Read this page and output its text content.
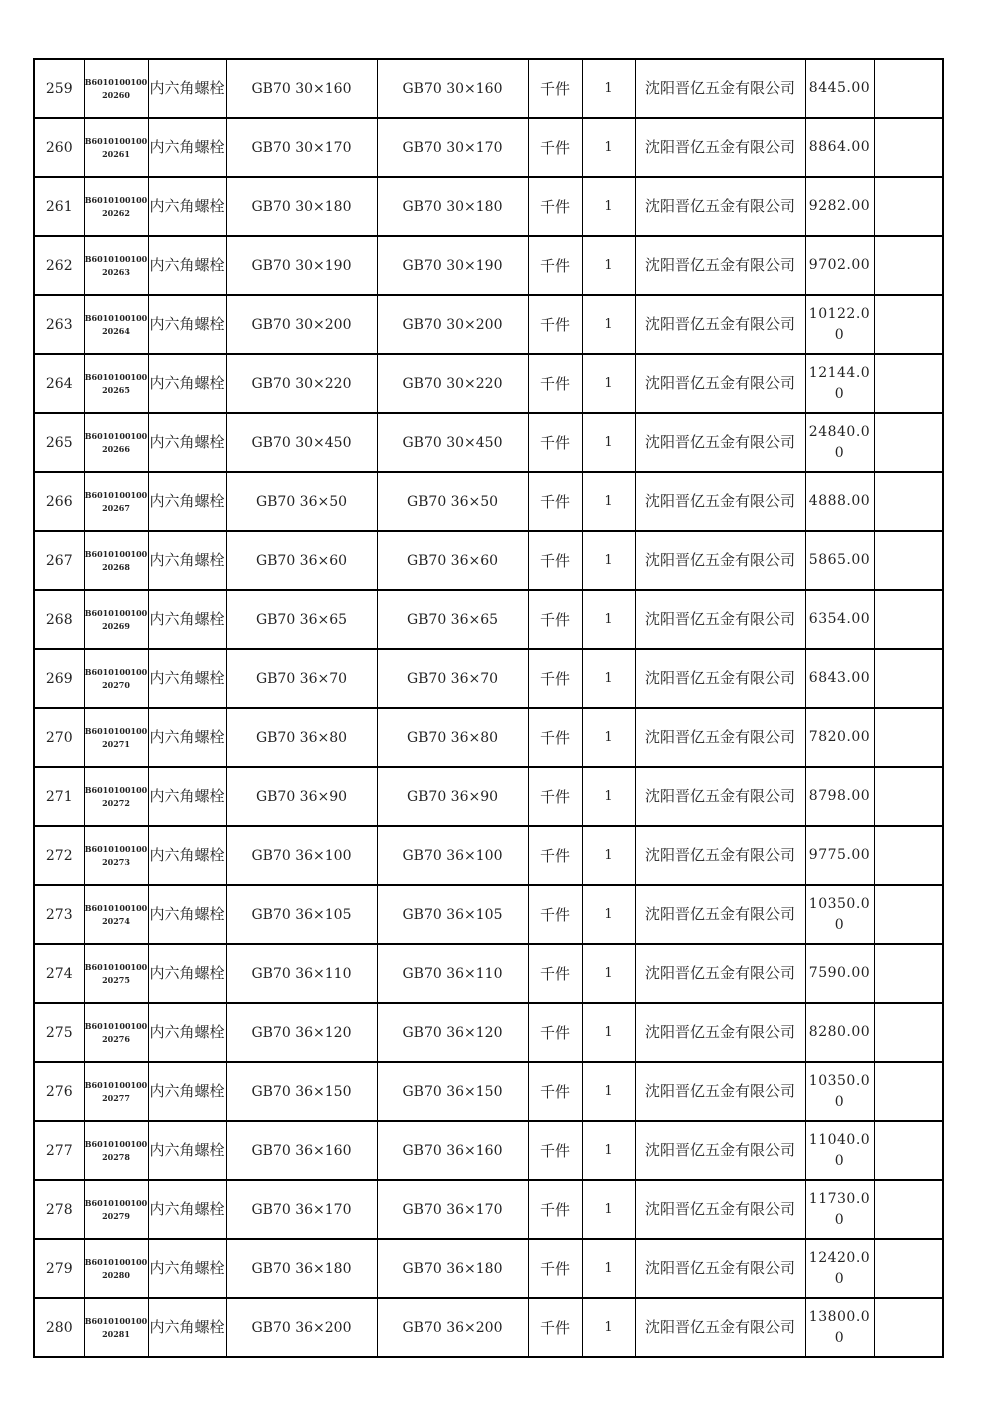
259	B601010010020260	内六角螺栓	GB70 30×160	GB70 30×160	千件	1	沈阳晋亿五金有限公司	8445.00	
260	B601010010020261	内六角螺栓	GB70 30×170	GB70 30×170	千件	1	沈阳晋亿五金有限公司	8864.00	
261	B601010010020262	内六角螺栓	GB70 30×180	GB70 30×180	千件	1	沈阳晋亿五金有限公司	9282.00	
262	B601010010020263	内六角螺栓	GB70 30×190	GB70 30×190	千件	1	沈阳晋亿五金有限公司	9702.00	
263	B601010010020264	内六角螺栓	GB70 30×200	GB70 30×200	千件	1	沈阳晋亿五金有限公司	10122.00	
264	B601010010020265	内六角螺栓	GB70 30×220	GB70 30×220	千件	1	沈阳晋亿五金有限公司	12144.00	
265	B601010010020266	内六角螺栓	GB70 30×450	GB70 30×450	千件	1	沈阳晋亿五金有限公司	24840.00	
266	B601010010020267	内六角螺栓	GB70 36×50	GB70 36×50	千件	1	沈阳晋亿五金有限公司	4888.00	
267	B601010010020268	内六角螺栓	GB70 36×60	GB70 36×60	千件	1	沈阳晋亿五金有限公司	5865.00	
268	B601010010020269	内六角螺栓	GB70 36×65	GB70 36×65	千件	1	沈阳晋亿五金有限公司	6354.00	
269	B601010010020270	内六角螺栓	GB70 36×70	GB70 36×70	千件	1	沈阳晋亿五金有限公司	6843.00	
270	B601010010020271	内六角螺栓	GB70 36×80	GB70 36×80	千件	1	沈阳晋亿五金有限公司	7820.00	
271	B601010010020272	内六角螺栓	GB70 36×90	GB70 36×90	千件	1	沈阳晋亿五金有限公司	8798.00	
272	B601010010020273	内六角螺栓	GB70 36×100	GB70 36×100	千件	1	沈阳晋亿五金有限公司	9775.00	
273	B601010010020274	内六角螺栓	GB70 36×105	GB70 36×105	千件	1	沈阳晋亿五金有限公司	10350.00	
274	B601010010020275	内六角螺栓	GB70 36×110	GB70 36×110	千件	1	沈阳晋亿五金有限公司	7590.00	
275	B601010010020276	内六角螺栓	GB70 36×120	GB70 36×120	千件	1	沈阳晋亿五金有限公司	8280.00	
276	B601010010020277	内六角螺栓	GB70 36×150	GB70 36×150	千件	1	沈阳晋亿五金有限公司	10350.00	
277	B601010010020278	内六角螺栓	GB70 36×160	GB70 36×160	千件	1	沈阳晋亿五金有限公司	11040.00	
278	B601010010020279	内六角螺栓	GB70 36×170	GB70 36×170	千件	1	沈阳晋亿五金有限公司	11730.00	
279	B601010010020280	内六角螺栓	GB70 36×180	GB70 36×180	千件	1	沈阳晋亿五金有限公司	12420.00	
280	B601010010020281	内六角螺栓	GB70 36×200	GB70 36×200	千件	1	沈阳晋亿五金有限公司	13800.00	
